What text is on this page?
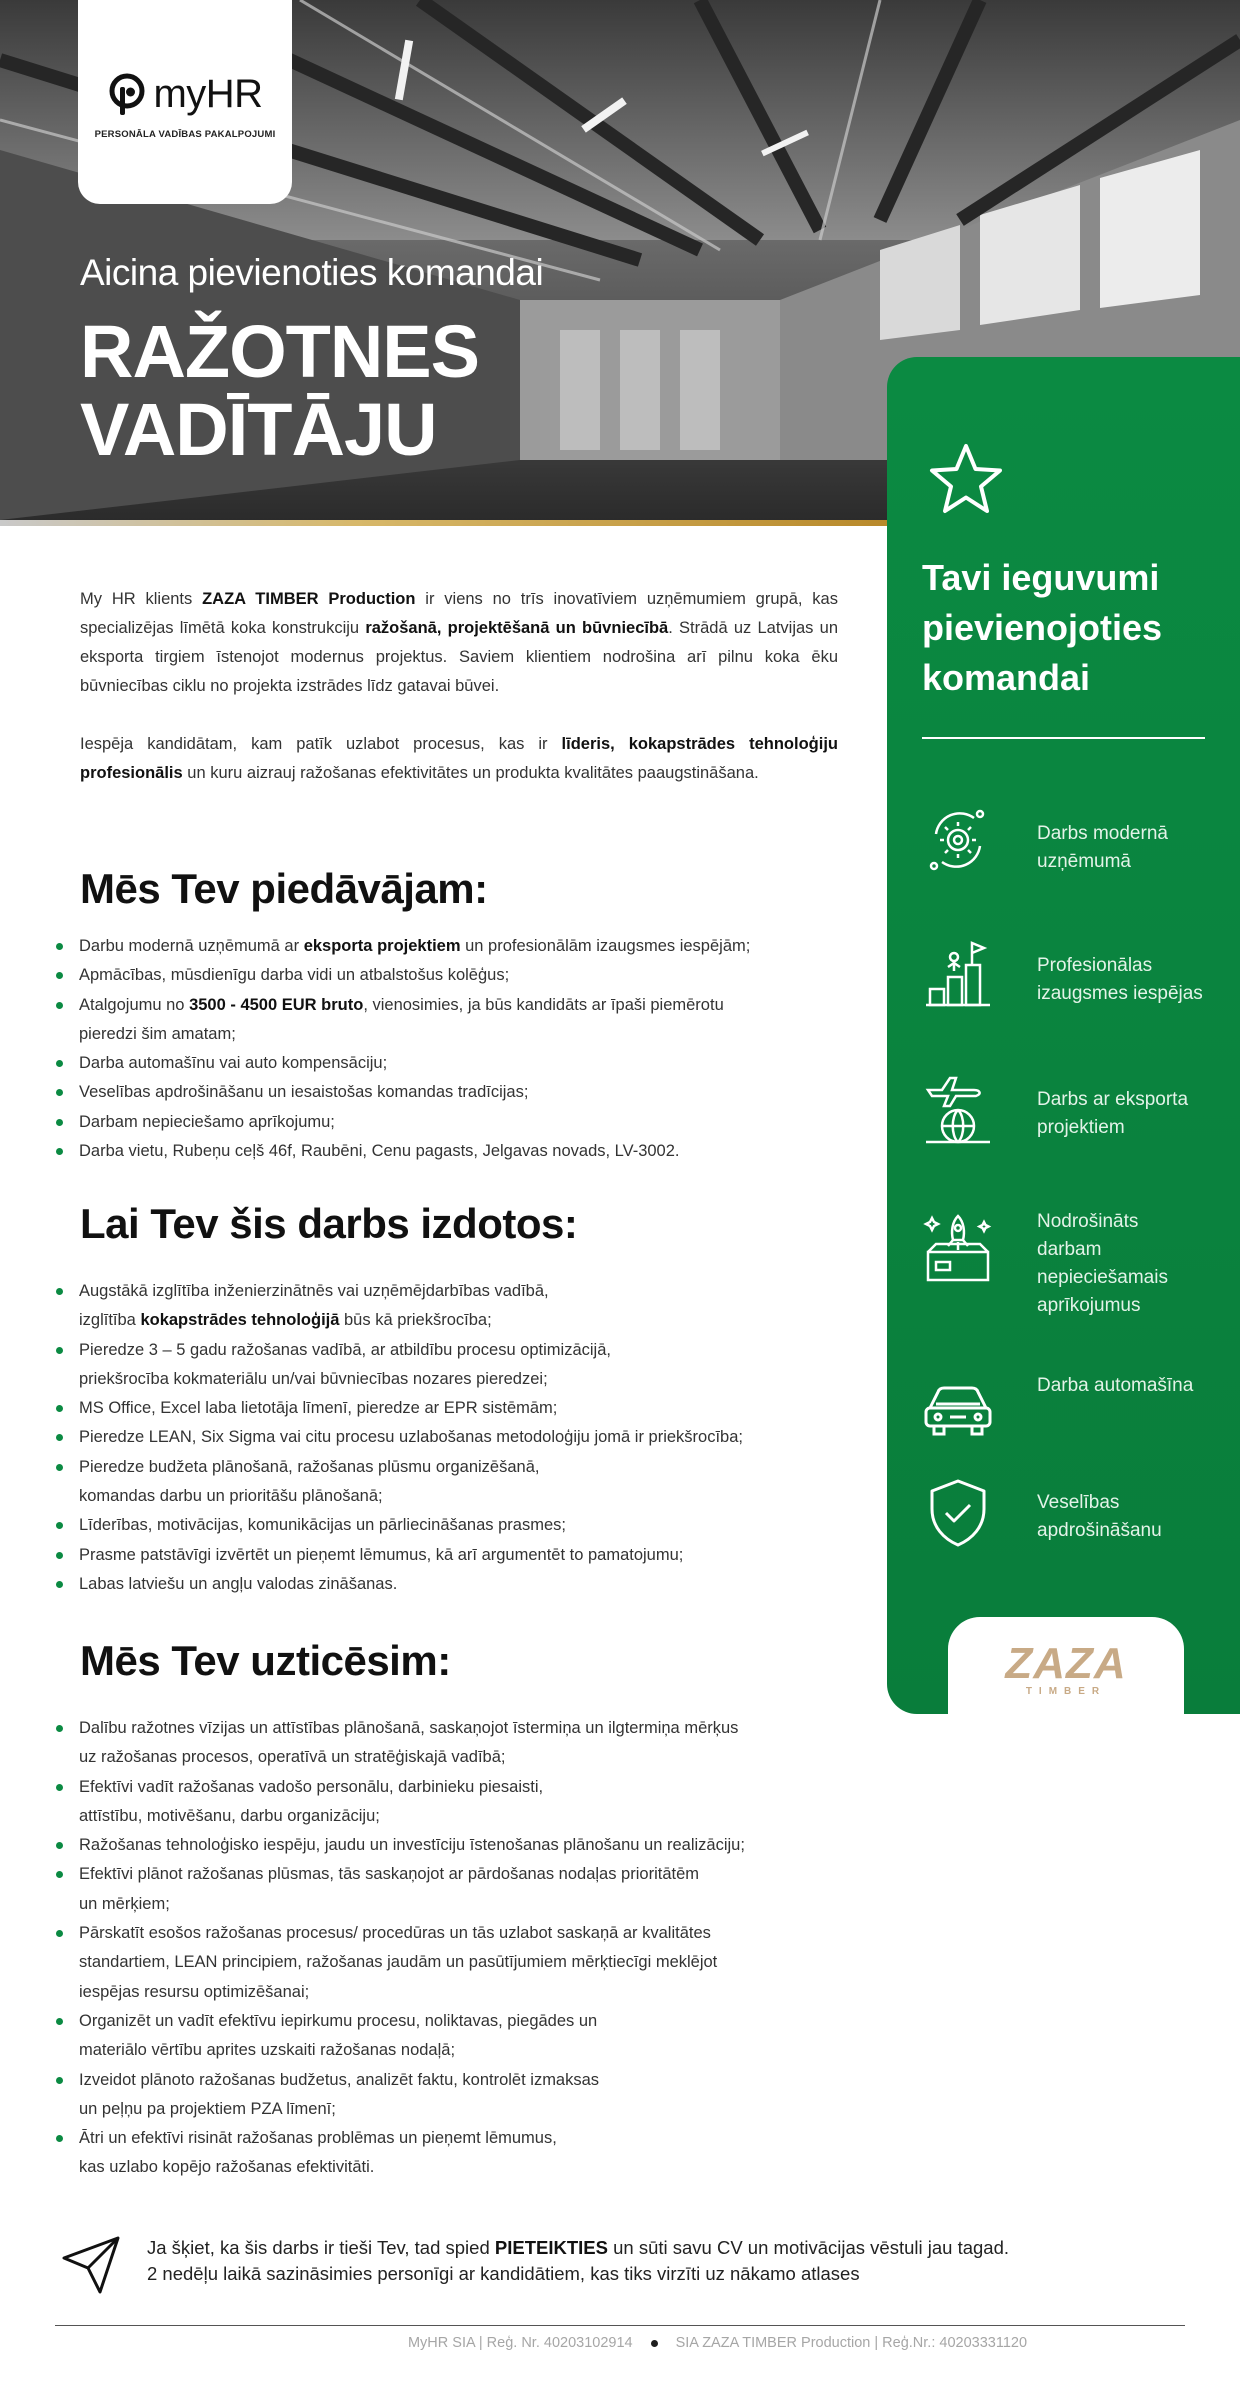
myHR
PERSONĀLA VADĪBAS PAKALPOJUMI
Aicina pievienoties komandai
RAŽOTNES
VADĪTĀJU
Tavi ieguvumi pievienojoties komandai
Darbs modernā uzņēmumā
Profesionālas izaugsmes iespējas
Darbs ar eksporta projektiem
Nodrošināts darbam nepieciešamais aprīkojumus
Darba automašīna
Veselības apdrošināšanu
ZAZA
TIMBER

My HR klients ZAZA TIMBER Production ir viens no trīs inovatīviem uzņēmumiem grupā, kas specializējas līmētā koka konstrukciju ražošanā, projektēšanā un būvniecībā. Strādā uz Latvijas un eksporta tirgiem īstenojot modernus projektus. Saviem klientiem nodrošina arī pilnu koka ēku būvniecības ciklu no projekta izstrādes līdz gatavai būvei.

Iespēja kandidātam, kam patīk uzlabot procesus, kas ir līderis, kokapstrādes tehnoloģiju profesionālis un kuru aizrauj ražošanas efektivitātes un produkta kvalitātes paaugstināšana.

Mēs Tev piedāvājam:
Darbu modernā uzņēmumā ar eksporta projektiem un profesionālām izaugsmes iespējām;
Apmācības, mūsdienīgu darba vidi un atbalstošus kolēģus;
Atalgojumu no 3500 - 4500 EUR bruto, vienosimies, ja būs kandidāts ar īpaši piemērotu
pieredzi šim amatam;
Darba automašīnu vai auto kompensāciju;
Veselības apdrošināšanu un iesaistošas komandas tradīcijas;
Darbam nepieciešamo aprīkojumu;
Darba vietu, Rubeņu ceļš 46f, Raubēni, Cenu pagasts, Jelgavas novads, LV-3002.
Lai Tev šis darbs izdotos:
Augstākā izglītība inženierzinātnēs vai uzņēmējdarbības vadībā,
izglītība kokapstrādes tehnoloģijā būs kā priekšrocība;
Pieredze 3 – 5 gadu ražošanas vadībā, ar atbildību procesu optimizācijā,
priekšrocība kokmateriālu un/vai būvniecības nozares pieredzei;
MS Office, Excel laba lietotāja līmenī, pieredze ar EPR sistēmām;
Pieredze LEAN, Six Sigma vai citu procesu uzlabošanas metodoloģiju jomā ir priekšrocība;
Pieredze budžeta plānošanā, ražošanas plūsmu organizēšanā,
komandas darbu un prioritāšu plānošanā;
Līderības, motivācijas, komunikācijas un pārliecināšanas prasmes;
Prasme patstāvīgi izvērtēt un pieņemt lēmumus, kā arī argumentēt to pamatojumu;
Labas latviešu un angļu valodas zināšanas.
Mēs Tev uzticēsim:
Dalību ražotnes vīzijas un attīstības plānošanā, saskaņojot īstermiņa un ilgtermiņa mērķus
uz ražošanas procesos, operatīvā un stratēģiskajā vadībā;
Efektīvi vadīt ražošanas vadošo personālu, darbinieku piesaisti,
attīstību, motivēšanu, darbu organizāciju;
Ražošanas tehnoloģisko iespēju, jaudu un investīciju īstenošanas plānošanu un realizāciju;
Efektīvi plānot ražošanas plūsmas, tās saskaņojot ar pārdošanas nodaļas prioritātēm
un mērķiem;
Pārskatīt esošos ražošanas procesus/ procedūras un tās uzlabot saskaņā ar kvalitātes
standartiem, LEAN principiem, ražošanas jaudām un pasūtījumiem mērķtiecīgi meklējot
iespējas resursu optimizēšanai;
Organizēt un vadīt efektīvu iepirkumu procesu, noliktavas, piegādes un
materiālo vērtību aprites uzskaiti ražošanas nodaļā;
Izveidot plānoto ražošanas budžetus, analizēt faktu, kontrolēt izmaksas
un peļņu pa projektiem PZA līmenī;
Ātri un efektīvi risināt ražošanas problēmas un pieņemt lēmumus,
kas uzlabo kopējo ražošanas efektivitāti.
Ja šķiet, ka šis darbs ir tieši Tev, tad spied PIETEIKTIES un sūti savu CV un motivācijas vēstuli jau tagad.
2 nedēļu laikā sazināsimies personīgi ar kandidātiem, kas tiks virzīti uz nākamo atlases
MyHR SIA | Reģ. Nr. 40203102914	SIA ZAZA TIMBER Production | Reģ.Nr.: 40203331120
